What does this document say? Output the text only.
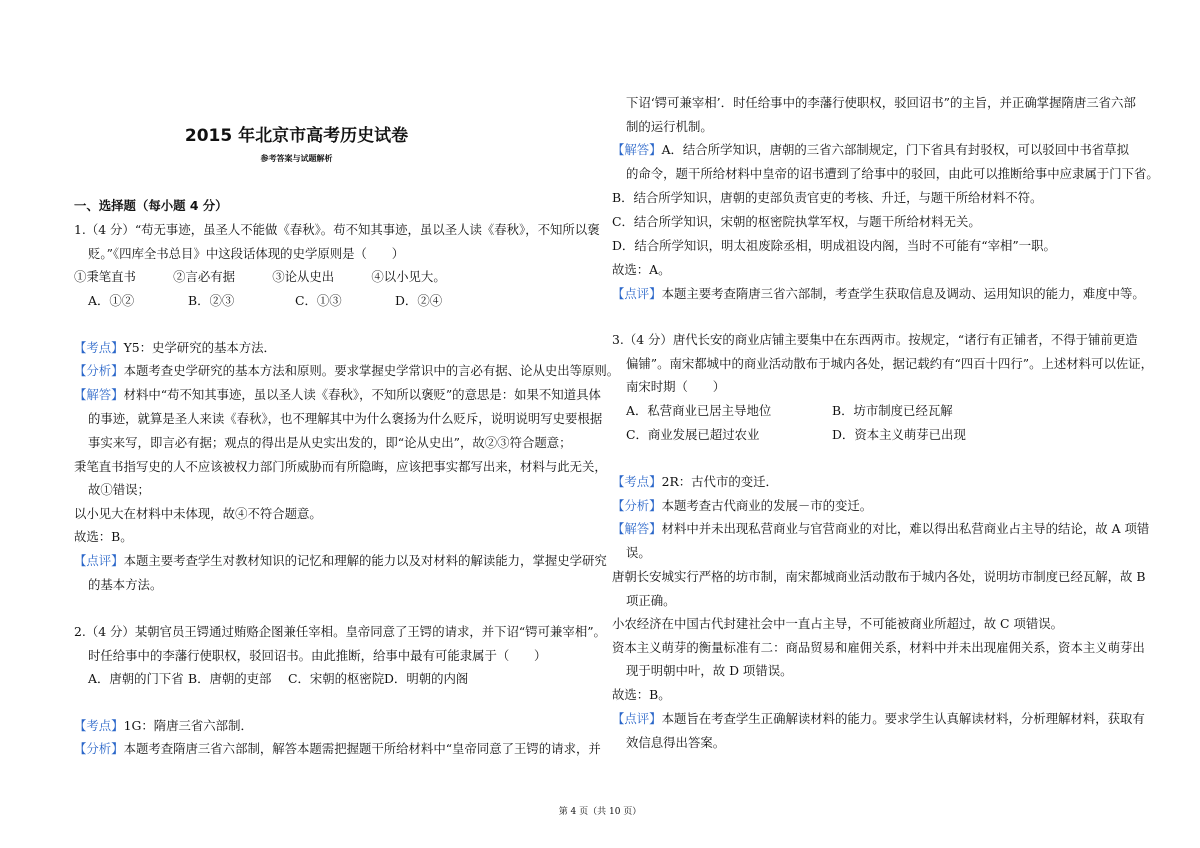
2015 年北京市高考历史试卷
参考答案与试题解析
一、选择题（每小题 4 分）
1.（4 分）“苟无事迹，虽圣人不能做《春秋》。苟不知其事迹，虽以圣人读《春秋》，不知所以褒
贬。”《四库全书总目》中这段话体现的史学原则是（　　）
①秉笔直书　　　②言必有据　　　③论从史出　　　④以小见大。
A．①②	B．②③	C．①③	D．②④
【考点】Y5：史学研究的基本方法．
【分析】本题考查史学研究的基本方法和原则。要求掌握史学常识中的言必有据、论从史出等原则。
【解答】材料中“苟不知其事迹，虽以圣人读《春秋》，不知所以褒贬”的意思是：如果不知道具体
的事迹，就算是圣人来读《春秋》，也不理解其中为什么褒扬为什么贬斥，说明说明写史要根据
事实来写，即言必有据；观点的得出是从史实出发的，即“论从史出”，故②③符合题意；
秉笔直书指写史的人不应该被权力部门所威胁而有所隐晦，应该把事实都写出来，材料与此无关，
故①错误；
以小见大在材料中未体现，故④不符合题意。
故选：B。
【点评】本题主要考查学生对教材知识的记忆和理解的能力以及对材料的解读能力，掌握史学研究
的基本方法。
2.（4 分）某朝官员王锷通过贿赂企图兼任宰相。皇帝同意了王锷的请求，并下诏“锷可兼宰相”。
时任给事中的李藩行使职权，驳回诏书。由此推断，给事中最有可能隶属于（　　）
A．唐朝的门下省 B．唐朝的吏部	C．宋朝的枢密院 D．明朝的内阁
【考点】1G：隋唐三省六部制．
【分析】本题考查隋唐三省六部制，解答本题需把握题干所给材料中“皇帝同意了王锷的请求，并
下诏‘锷可兼宰相’．时任给事中的李藩行使职权，驳回诏书”的主旨，并正确掌握隋唐三省六部
制的运行机制。
【解答】A．结合所学知识，唐朝的三省六部制规定，门下省具有封驳权，可以驳回中书省草拟
的命令，题干所给材料中皇帝的诏书遭到了给事中的驳回，由此可以推断给事中应隶属于门下省。
B．结合所学知识，唐朝的吏部负责官吏的考核、升迁，与题干所给材料不符。
C．结合所学知识，宋朝的枢密院执掌军权，与题干所给材料无关。
D．结合所学知识，明太祖废除丞相，明成祖设内阁，当时不可能有“宰相”一职。
故选：A。
【点评】本题主要考查隋唐三省六部制，考查学生获取信息及调动、运用知识的能力，难度中等。
3.（4 分）唐代长安的商业店铺主要集中在东西两市。按规定，“诸行有正铺者，不得于铺前更造
偏铺”。南宋都城中的商业活动散布于城内各处，据记载约有“四百十四行”。上述材料可以佐证，
南宋时期（　　）
A．私营商业已居主导地位	B．坊市制度已经瓦解
C．商业发展已超过农业	D．资本主义萌芽已出现
【考点】2R：古代市的变迁．
【分析】本题考查古代商业的发展－市的变迁。
【解答】材料中并未出现私营商业与官营商业的对比，难以得出私营商业占主导的结论，故 A 项错
误。
唐朝长安城实行严格的坊市制，南宋都城商业活动散布于城内各处，说明坊市制度已经瓦解，故 B
项正确。
小农经济在中国古代封建社会中一直占主导，不可能被商业所超过，故 C 项错误。
资本主义萌芽的衡量标准有二：商品贸易和雇佣关系，材料中并未出现雇佣关系，资本主义萌芽出
现于明朝中叶，故 D 项错误。
故选：B。
【点评】本题旨在考查学生正确解读材料的能力。要求学生认真解读材料，分析理解材料，获取有
效信息得出答案。
第 4 页（共 10 页）
